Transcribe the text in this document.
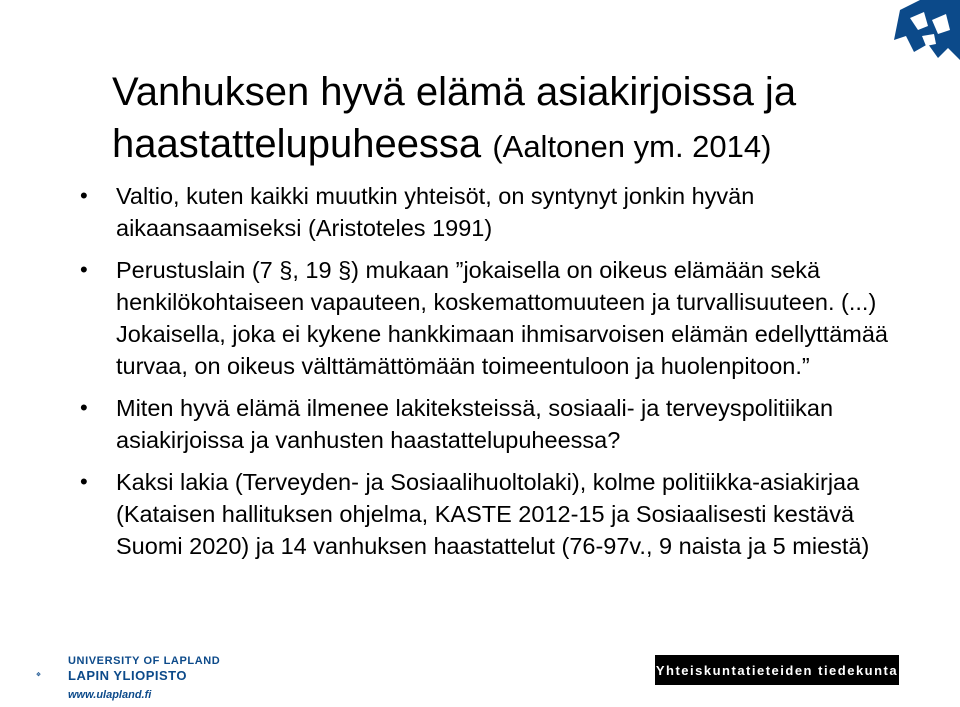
Vanhuksen hyvä elämä asiakirjoissa ja haastattelupuheessa (Aaltonen ym. 2014)
• Valtio, kuten kaikki muutkin yhteisöt, on syntynyt jonkin hyvän aikaansaamiseksi (Aristoteles 1991)
• Perustuslain (7 §, 19 §) mukaan ”jokaisella on oikeus elämään sekä henkilökohtaiseen vapauteen, koskemattomuuteen ja turvallisuuteen. (...) Jokaisella, joka ei kykene hankkimaan ihmisarvoisen elämän edellyttämää turvaa, on oikeus välttämättömään toimeentuloon ja huolenpitoon.”
• Miten hyvä elämä ilmenee lakiteksteissä, sosiaali- ja terveyspolitiikan asiakirjoissa ja vanhusten haastattelupuheessa?
• Kaksi lakia (Terveyden- ja Sosiaalihuoltolaki), kolme politiikka-asiakirjaa (Kataisen hallituksen ohjelma, KASTE 2012-15 ja Sosiaalisesti kestävä Suomi 2020) ja 14 vanhuksen haastattelut (76-97v., 9 naista ja 5 miestä)
UNIVERSITY OF LAPLAND
LAPIN YLIOPISTO
www.ulapland.fi
Yhteiskuntatieteiden tiedekunta
